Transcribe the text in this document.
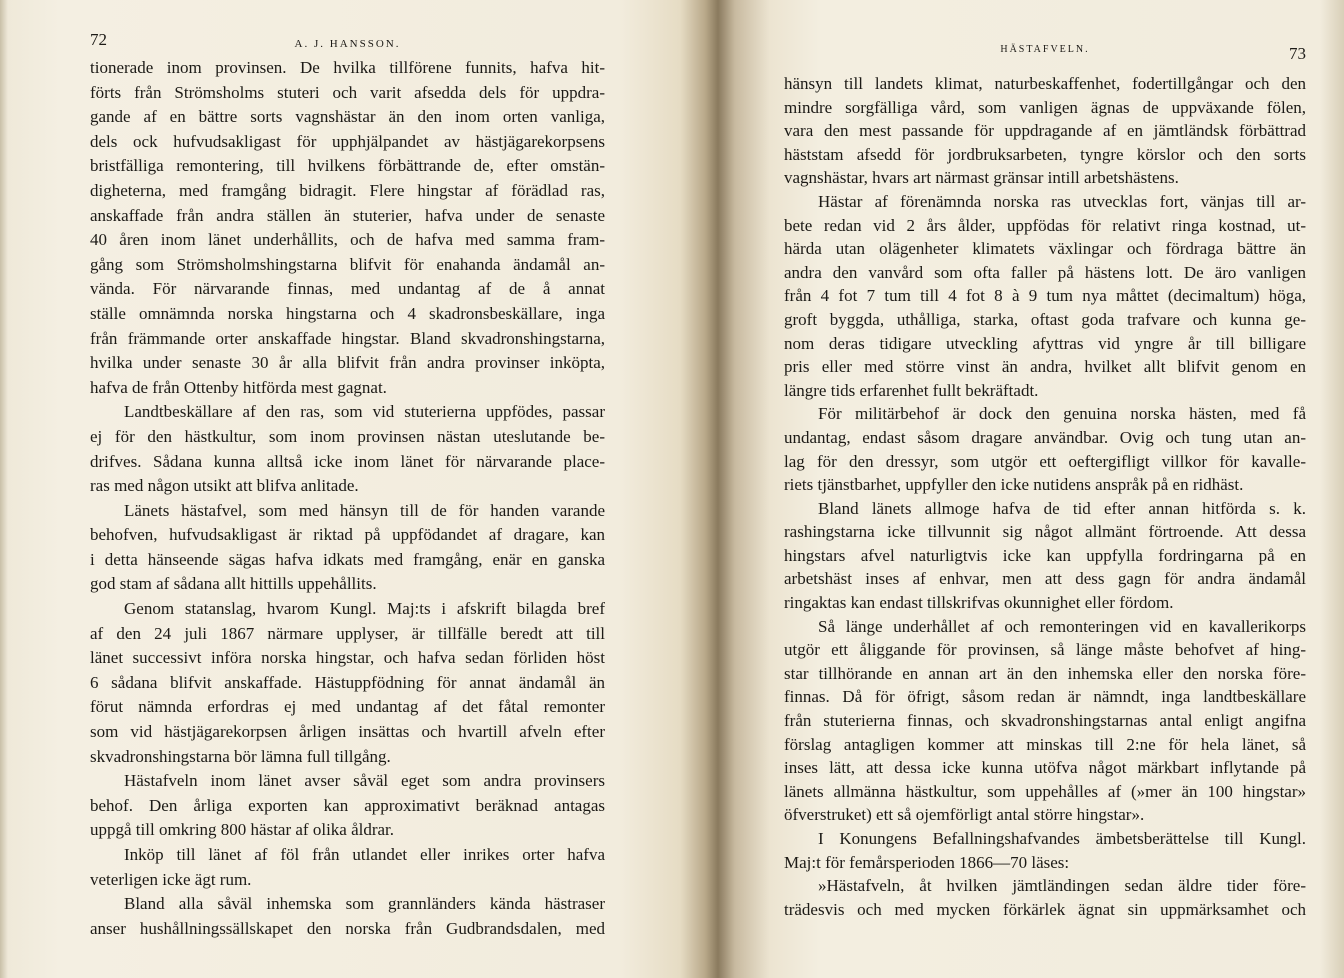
72	A. J. HANSSON.
tionerade inom provinsen. De hvilka tillförene funnits, hafva hit-
förts från Strömsholms stuteri och varit afsedda dels för uppdra-
gande af en bättre sorts vagnshästar än den inom orten vanliga,
dels ock hufvudsakligast för upphjälpandet av hästjägarekorpsens
bristfälliga remontering, till hvilkens förbättrande de, efter omstän-
digheterna, med framgång bidragit. Flere hingstar af förädlad ras,
anskaffade från andra ställen än stuterier, hafva under de senaste
40 åren inom länet underhållits, och de hafva med samma fram-
gång som Strömsholmshingstarna blifvit för enahanda ändamål an-
vända. För närvarande finnas, med undantag af de å annat
ställe omnämnda norska hingstarna och 4 skadronsbeskällare, inga
från främmande orter anskaffade hingstar. Bland skvadronshingstarna,
hvilka under senaste 30 år alla blifvit från andra provinser inköpta,
hafva de från Ottenby hitförda mest gagnat.
Landtbeskällare af den ras, som vid stuterierna uppfödes, passar
ej för den hästkultur, som inom provinsen nästan uteslutande be-
drifves. Sådana kunna alltså icke inom länet för närvarande place-
ras med någon utsikt att blifva anlitade.
Länets hästafvel, som med hänsyn till de för handen varande
behofven, hufvudsakligast är riktad på uppfödandet af dragare, kan
i detta hänseende sägas hafva idkats med framgång, enär en ganska
god stam af sådana allt hittills uppehållits.
Genom statanslag, hvarom Kungl. Maj:ts i afskrift bilagda bref
af den 24 juli 1867 närmare upplyser, är tillfälle beredt att till
länet successivt införa norska hingstar, och hafva sedan förliden höst
6 sådana blifvit anskaffade. Hästuppfödning för annat ändamål än
förut nämnda erfordras ej med undantag af det fåtal remonter
som vid hästjägarekorpsen årligen insättas och hvartill afveln efter
skvadronshingstarna bör lämna full tillgång.
Hästafveln inom länet avser såväl eget som andra provinsers
behof. Den årliga exporten kan approximativt beräknad antagas
uppgå till omkring 800 hästar af olika åldrar.
Inköp till länet af föl från utlandet eller inrikes orter hafva
veterligen icke ägt rum.
Bland alla såväl inhemska som grannländers kända hästraser
anser hushållningssällskapet den norska från Gudbrandsdalen, med
HÄSTAFVELN.	73
hänsyn till landets klimat, naturbeskaffenhet, fodertillgångar och den
mindre sorgfälliga vård, som vanligen ägnas de uppväxande fölen,
vara den mest passande för uppdragande af en jämtländsk förbättrad
häststam afsedd för jordbruksarbeten, tyngre körslor och den sorts
vagnshästar, hvars art närmast gränsar intill arbetshästens.
Hästar af förenämnda norska ras utvecklas fort, vänjas till ar-
bete redan vid 2 års ålder, uppfödas för relativt ringa kostnad, ut-
härda utan olägenheter klimatets växlingar och fördraga bättre än
andra den vanvård som ofta faller på hästens lott. De äro vanligen
från 4 fot 7 tum till 4 fot 8 à 9 tum nya måttet (decimaltum) höga,
groft byggda, uthålliga, starka, oftast goda trafvare och kunna ge-
nom deras tidigare utveckling afyttras vid yngre år till billigare
pris eller med större vinst än andra, hvilket allt blifvit genom en
längre tids erfarenhet fullt bekräftadt.
För militärbehof är dock den genuina norska hästen, med få
undantag, endast såsom dragare användbar. Ovig och tung utan an-
lag för den dressyr, som utgör ett oeftergifligt villkor för kavalle-
riets tjänstbarhet, uppfyller den icke nutidens anspråk på en ridhäst.
Bland länets allmoge hafva de tid efter annan hitförda s. k.
rashingstarna icke tillvunnit sig något allmänt förtroende. Att dessa
hingstars afvel naturligtvis icke kan uppfylla fordringarna på en
arbetshäst inses af enhvar, men att dess gagn för andra ändamål
ringaktas kan endast tillskrifvas okunnighet eller fördom.
Så länge underhållet af och remonteringen vid en kavallerikorps
utgör ett åliggande för provinsen, så länge måste behofvet af hing-
star tillhörande en annan art än den inhemska eller den norska före-
finnas. Då för öfrigt, såsom redan är nämndt, inga landtbeskällare
från stuterierna finnas, och skvadronshingstarnas antal enligt angifna
förslag antagligen kommer att minskas till 2:ne för hela länet, så
inses lätt, att dessa icke kunna utöfva något märkbart inflytande på
länets allmänna hästkultur, som uppehålles af (»mer än 100 hingstar»
öfverstruket) ett så ojemförligt antal större hingstar».
I Konungens Befallningshafvandes ämbetsberättelse till Kungl.
Maj:t för femårsperioden 1866—70 läses:
»Hästafveln, åt hvilken jämtländingen sedan äldre tider före-
trädesvis och med mycken förkärlek ägnat sin uppmärksamhet och
